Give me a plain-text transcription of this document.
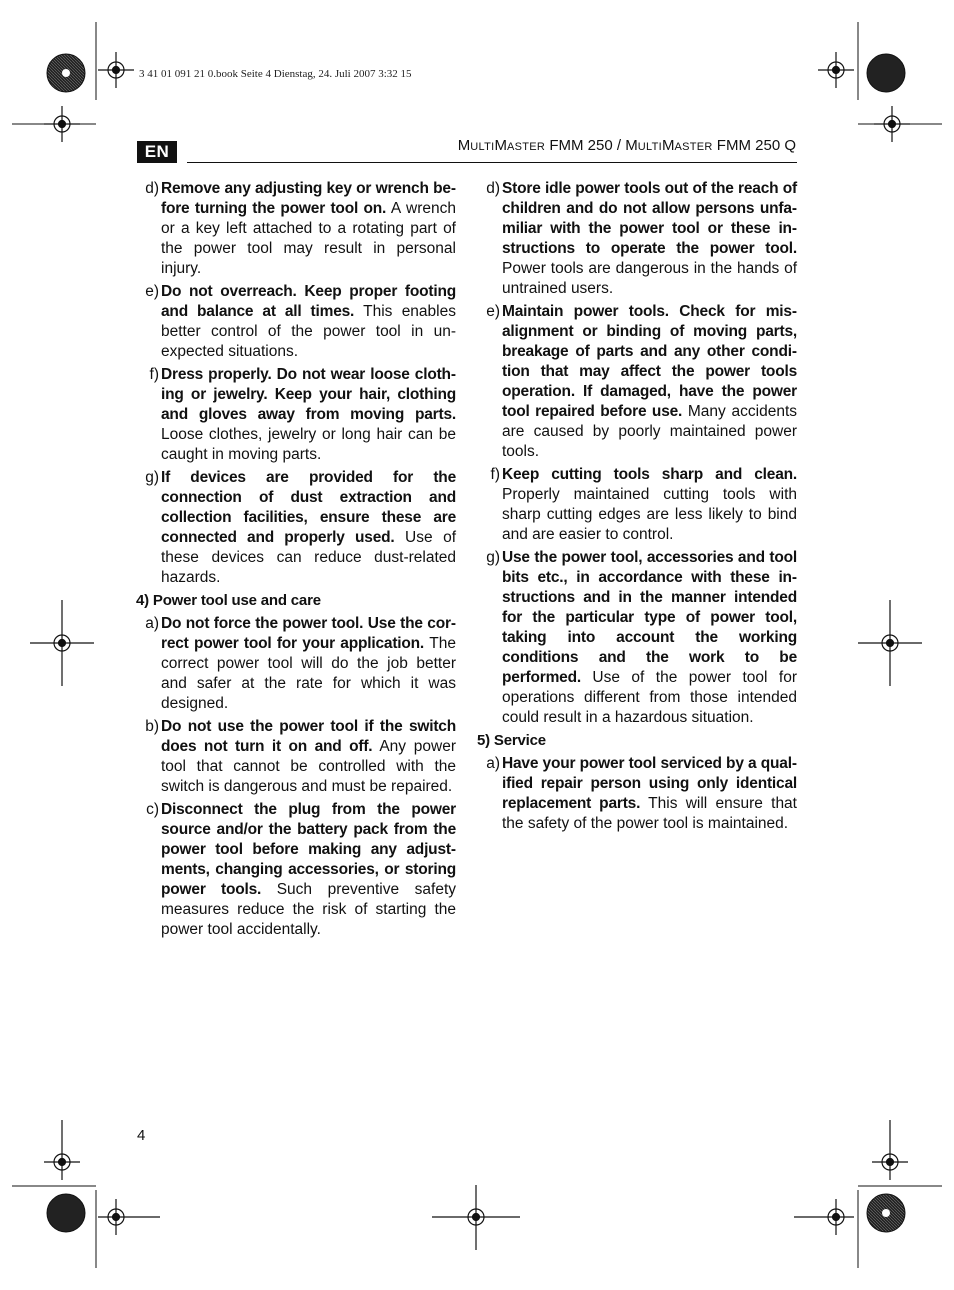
3 41 01 091 21 0.book Seite 4 Dienstag, 24. Juli 2007 3:32 15
EN	MULTIMASTER FMM 250 / MULTIMASTER FMM 250 Q
d) Remove any adjusting key or wrench before turning the power tool on. A wrench or a key left attached to a rotating part of the power tool may result in personal injury.
e) Do not overreach. Keep proper footing and balance at all times. This enables better control of the power tool in unexpected situations.
f) Dress properly. Do not wear loose clothing or jewelry. Keep your hair, clothing and gloves away from moving parts. Loose clothes, jewelry or long hair can be caught in moving parts.
g) If devices are provided for the connection of dust extraction and collection facilities, ensure these are connected and properly used. Use of these devices can reduce dust-related hazards.
4) Power tool use and care
a) Do not force the power tool. Use the correct power tool for your application. The correct power tool will do the job better and safer at the rate for which it was designed.
b) Do not use the power tool if the switch does not turn it on and off. Any power tool that cannot be controlled with the switch is dangerous and must be repaired.
c) Disconnect the plug from the power source and/or the battery pack from the power tool before making any adjustments, changing accessories, or storing power tools. Such preventive safety measures reduce the risk of starting the power tool accidentally.
d) Store idle power tools out of the reach of children and do not allow persons unfamiliar with the power tool or these instructions to operate the power tool. Power tools are dangerous in the hands of untrained users.
e) Maintain power tools. Check for misalignment or binding of moving parts, breakage of parts and any other condition that may affect the power tools operation. If damaged, have the power tool repaired before use. Many accidents are caused by poorly maintained power tools.
f) Keep cutting tools sharp and clean. Properly maintained cutting tools with sharp cutting edges are less likely to bind and are easier to control.
g) Use the power tool, accessories and tool bits etc., in accordance with these instructions and in the manner intended for the particular type of power tool, taking into account the working conditions and the work to be performed. Use of the power tool for operations different from those intended could result in a hazardous situation.
5) Service
a) Have your power tool serviced by a qualified repair person using only identical replacement parts. This will ensure that the safety of the power tool is maintained.
4
